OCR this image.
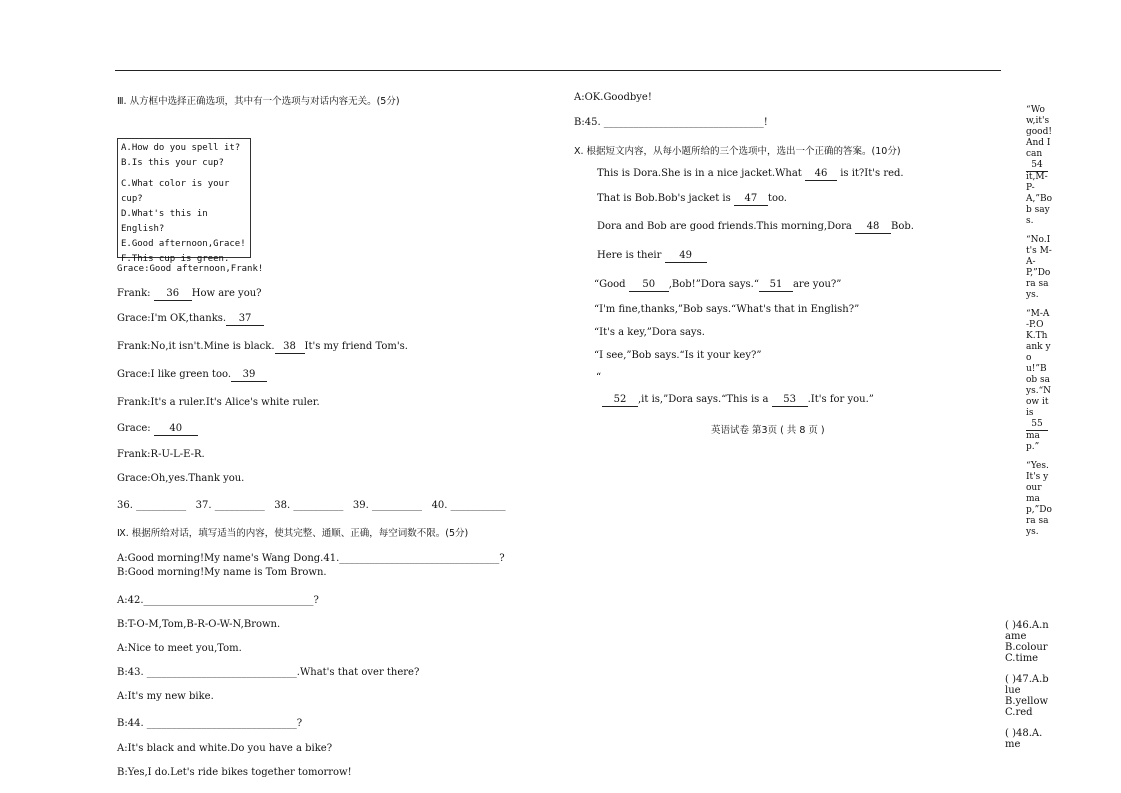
Ⅲ. 从方框中选择正确选项，其中有一个选项与对话内容无关。(5分)
A.How do you spell it?
B.Is this your cup?
C.What color is your cup?
D.What's this in English?
E.Good afternoon,Grace!
F.This cup is green.
Grace:Good afternoon,Frank!
Frank: 36 How are you?
Grace:I'm OK,thanks. 37
Frank:No,it isn't.Mine is black. 38 It's my friend Tom's.
Grace:I like green too. 39
Frank:It's a ruler.It's Alice's white ruler.
Grace: 40
Frank:R-U-L-E-R.
Grace:Oh,yes.Thank you.
36. __________ 37. __________ 38. __________ 39. __________ 40. ___________
Ⅸ. 根据所给对话，填写适当的内容，使其完整、通顺、正确，每空词数不限。(5分)
A:Good morning!My name's Wang Dong.41.________________________________?
B:Good morning!My name is Tom Brown.
A:42.__________________________________?
B:T-O-M,Tom,B-R-O-W-N,Brown.
A:Nice to meet you,Tom.
B:43. ______________________________.What's that over there?
A:It's my new bike.
B:44. ______________________________?
A:It's black and white.Do you have a bike?
B:Yes,I do.Let's ride bikes together tomorrow!
A:OK.Goodbye!
B:45. ________________________________!
Ⅹ. 根据短文内容，从每小题所给的三个选项中，选出一个正确的答案。(10分)
This is Dora.She is in a nice jacket.What 46 is it?It's red.
That is Bob.Bob's jacket is 47 too.
Dora and Bob are good friends.This morning,Dora 48 Bob.
Here is their 49
“Good 50 ,Bob!”Dora says.“ 51 are you?”
“I'm fine,thanks,”Bob says.“What's that in English?”
“It's a key,”Dora says.
“I see,”Bob says.“Is it your key?”
“
52 ,it is,”Dora says.“This is a 53 .It's for you.”
英语试卷 第3页 ( 共 8 页 )
“Wow,it's good!And I can
54
it,M-P-A,”Bob says.
“No.It's M-A-P,”Dora says.
“M-A-P.OK.Thank you!”Bob says.“Now it is
55
map.”
“Yes.It's your map,”Dora says.
( )46.A.name
B.colour
C.time
( )47.A.blue
B.yellow
C.red
( )48.A.me
